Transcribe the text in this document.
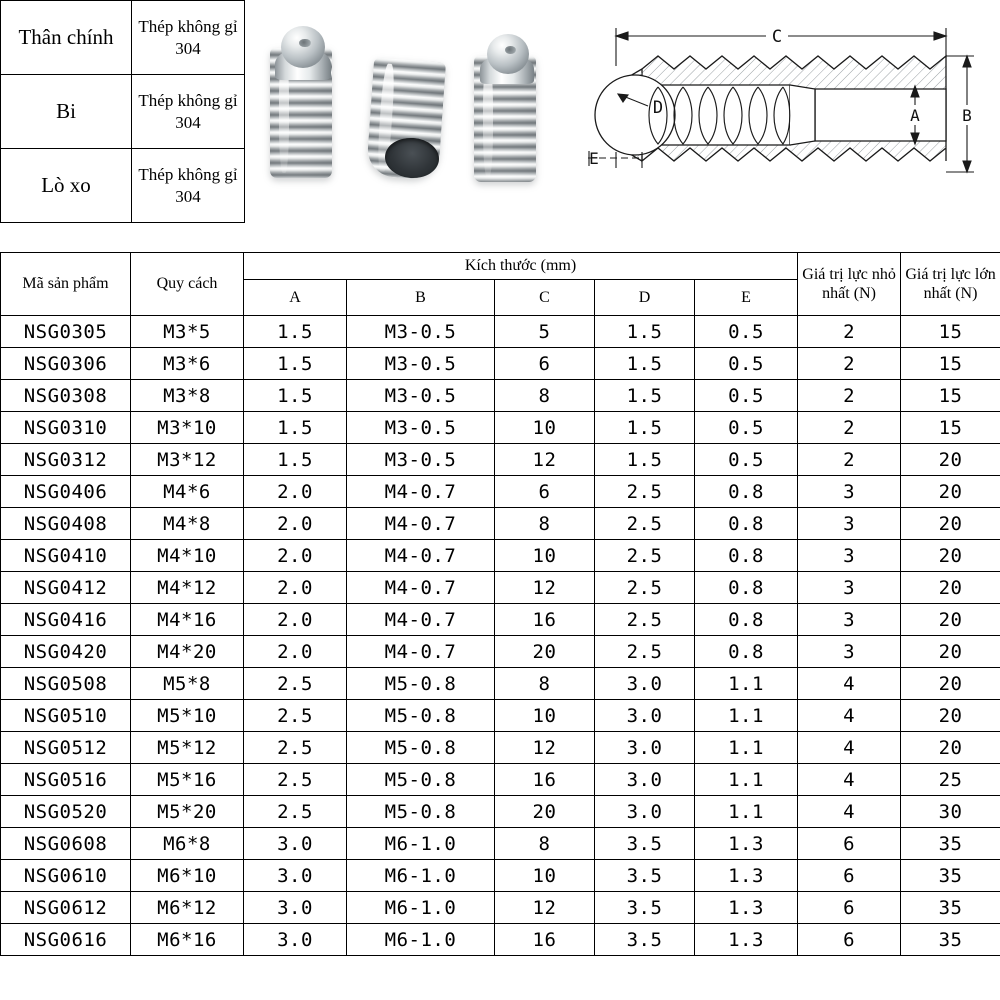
Thân chính	Thép không gỉ 304
Bi	Thép không gỉ 304
Lò xo	Thép không gỉ 304
C
D
E
A	B
Mã sản phẩm	Quy cách	Kích thước (mm)					Giá trị lực nhỏ nhất (N)	Giá trị lực lớn nhất (N)
		A	B	C	D	E		
NSG0305	M3*5	1.5	M3-0.5	5	1.5	0.5	2	15
NSG0306	M3*6	1.5	M3-0.5	6	1.5	0.5	2	15
NSG0308	M3*8	1.5	M3-0.5	8	1.5	0.5	2	15
NSG0310	M3*10	1.5	M3-0.5	10	1.5	0.5	2	15
NSG0312	M3*12	1.5	M3-0.5	12	1.5	0.5	2	20
NSG0406	M4*6	2.0	M4-0.7	6	2.5	0.8	3	20
NSG0408	M4*8	2.0	M4-0.7	8	2.5	0.8	3	20
NSG0410	M4*10	2.0	M4-0.7	10	2.5	0.8	3	20
NSG0412	M4*12	2.0	M4-0.7	12	2.5	0.8	3	20
NSG0416	M4*16	2.0	M4-0.7	16	2.5	0.8	3	20
NSG0420	M4*20	2.0	M4-0.7	20	2.5	0.8	3	20
NSG0508	M5*8	2.5	M5-0.8	8	3.0	1.1	4	20
NSG0510	M5*10	2.5	M5-0.8	10	3.0	1.1	4	20
NSG0512	M5*12	2.5	M5-0.8	12	3.0	1.1	4	20
NSG0516	M5*16	2.5	M5-0.8	16	3.0	1.1	4	25
NSG0520	M5*20	2.5	M5-0.8	20	3.0	1.1	4	30
NSG0608	M6*8	3.0	M6-1.0	8	3.5	1.3	6	35
NSG0610	M6*10	3.0	M6-1.0	10	3.5	1.3	6	35
NSG0612	M6*12	3.0	M6-1.0	12	3.5	1.3	6	35
NSG0616	M6*16	3.0	M6-1.0	16	3.5	1.3	6	35
